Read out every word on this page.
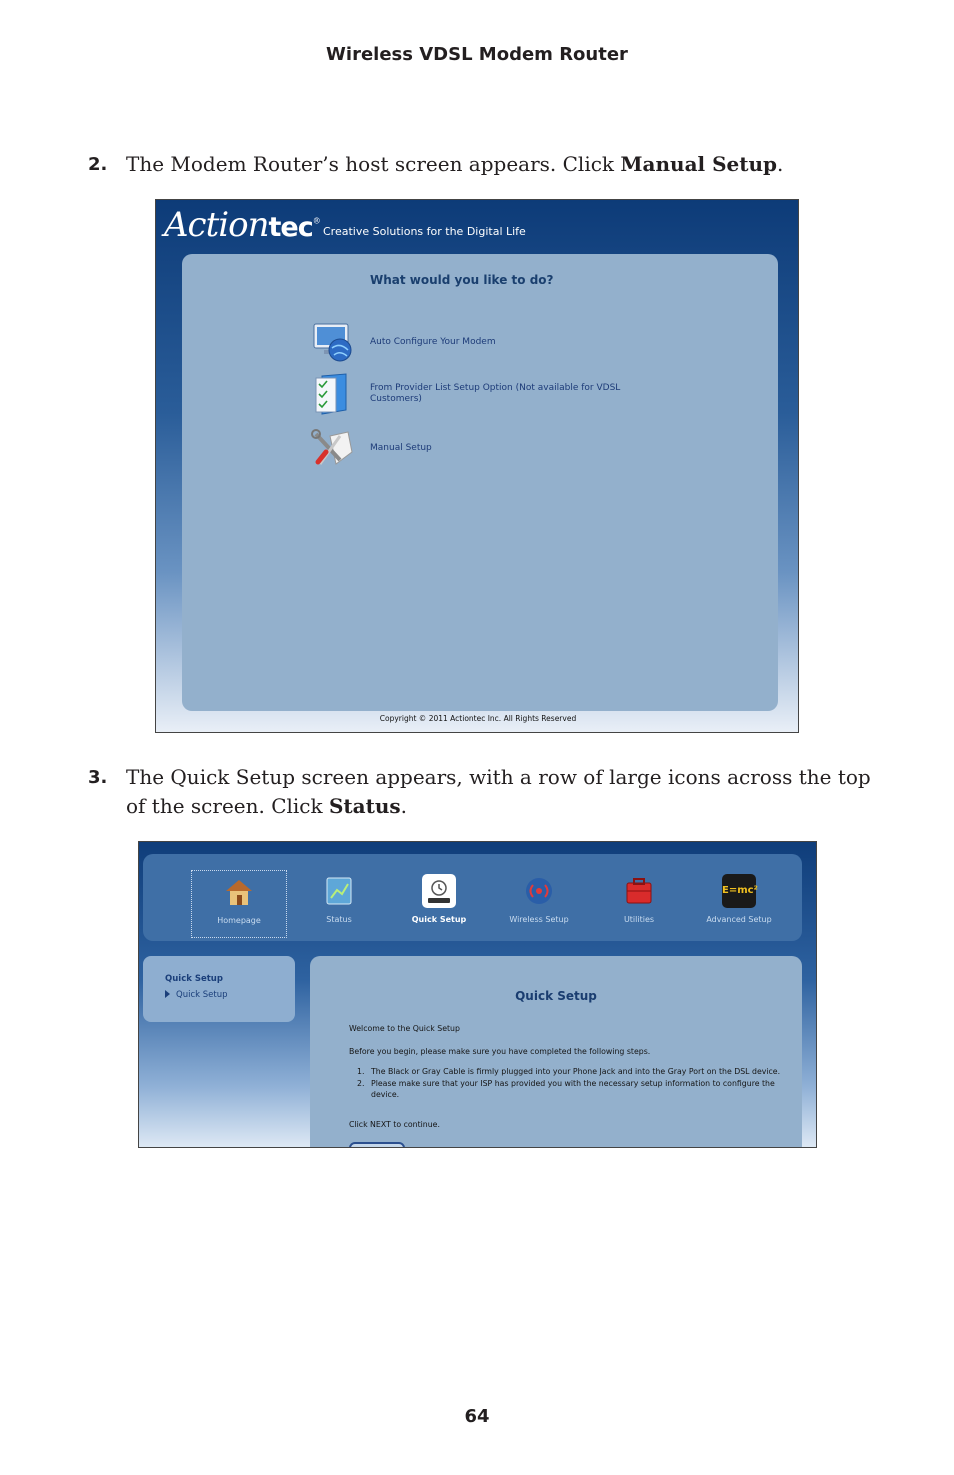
Wireless VDSL Modem Router
2. The Modem Router’s host screen appears. Click Manual Setup.
Actiontec®
Creative Solutions for the Digital Life
What would you like to do?
Auto Configure Your Modem
From Provider List Setup Option (Not available for VDSL Customers)
Manual Setup
Copyright © 2011 Actiontec Inc. All Rights Reserved
3. The Quick Setup screen appears, with a row of large icons across the top of the screen. Click Status.
Homepage	Status	Quick Setup	Wireless Setup	Utilities
E=mc²
Advanced Setup
Quick Setup
Quick Setup	Quick Setup
Welcome to the Quick Setup
Before you begin, please make sure you have completed the following steps.
1. The Black or Gray Cable is firmly plugged into your Phone Jack and into the Gray Port on the DSL device.
2. Please make sure that your ISP has provided you with the necessary setup information to configure the device.
Click NEXT to continue.
64
